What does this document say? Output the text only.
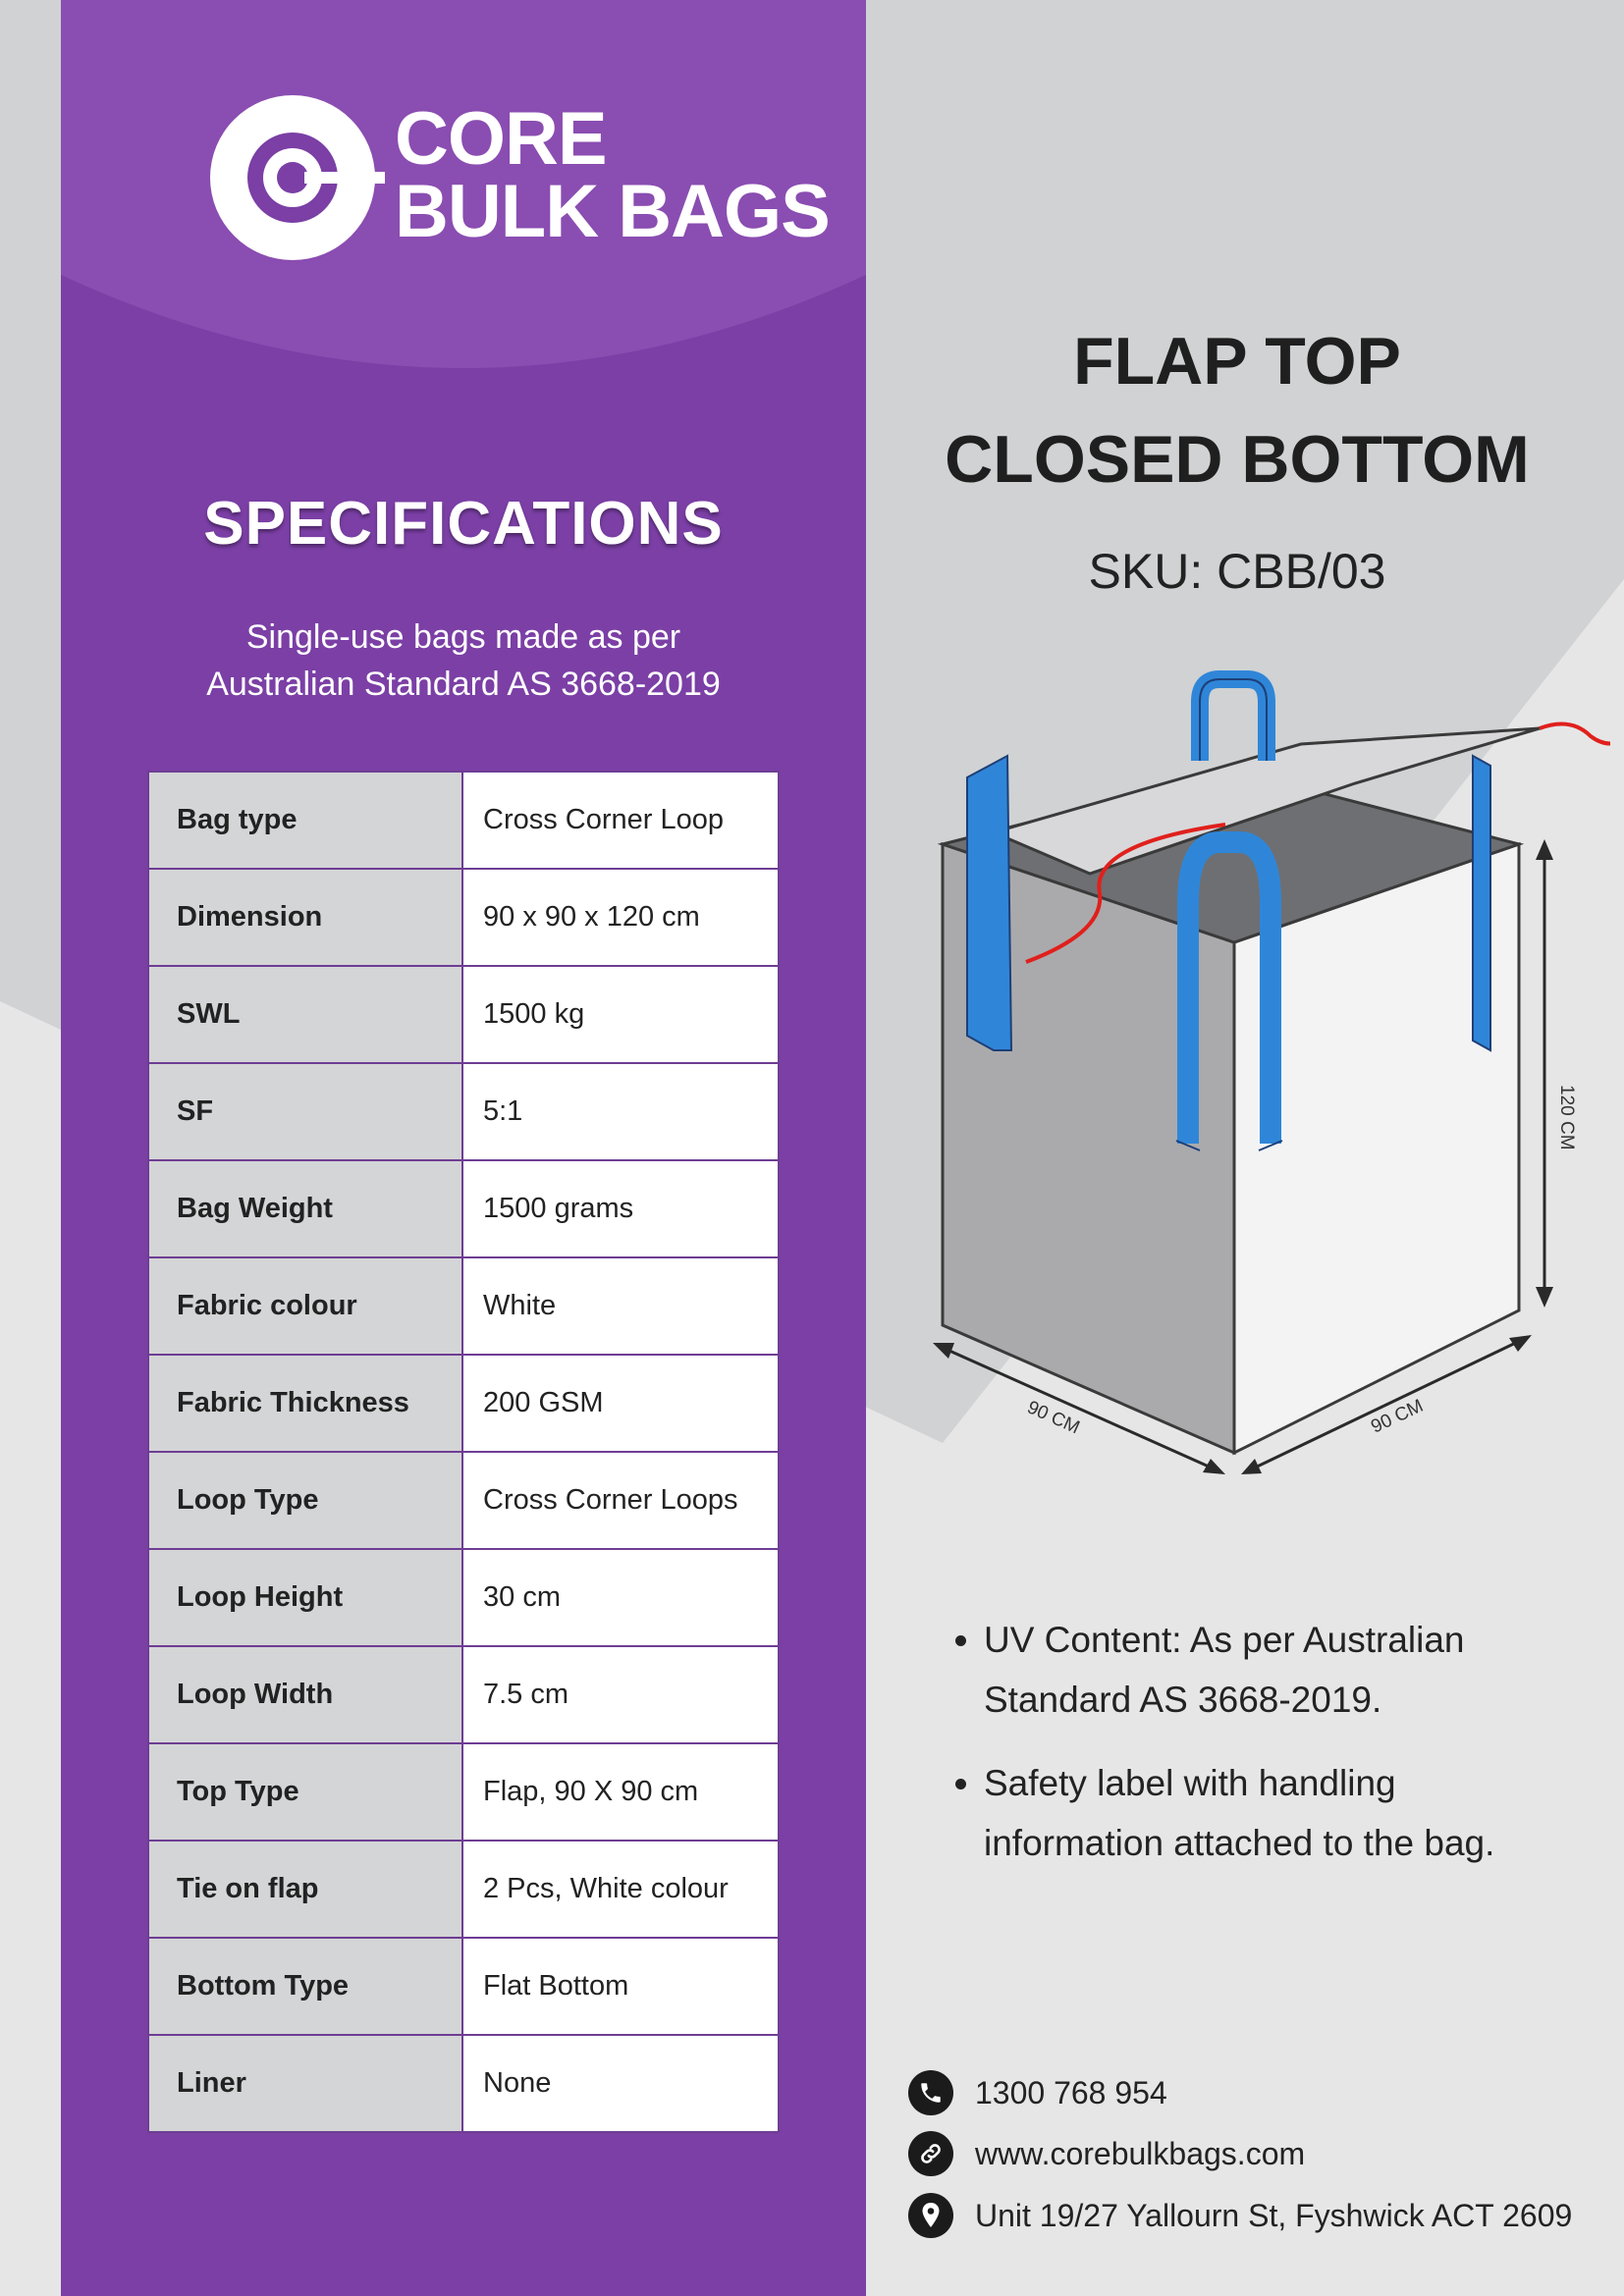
CORE
BULK BAGS
SPECIFICATIONS
Single-use bags made as per
Australian Standard AS 3668-2019
Bag type	Cross Corner Loop
Dimension	90 x 90 x 120 cm
SWL	1500 kg
SF	5:1
Bag Weight	1500 grams
Fabric colour	White
Fabric Thickness	200 GSM
Loop Type	Cross Corner Loops
Loop Height	30 cm
Loop Width	7.5 cm
Top Type	Flap, 90 X 90 cm
Tie on flap	2 Pcs, White colour
Bottom Type	Flat Bottom
Liner	None
FLAP TOP
CLOSED BOTTOM
SKU: CBB/03
120 CM
90 CM	90 CM
• UV Content: As per Australian
Standard AS 3668-2019.
• Safety label with handling
information attached to the bag.
1300 768 954
www.corebulkbags.com
Unit 19/27 Yallourn St, Fyshwick ACT 2609
